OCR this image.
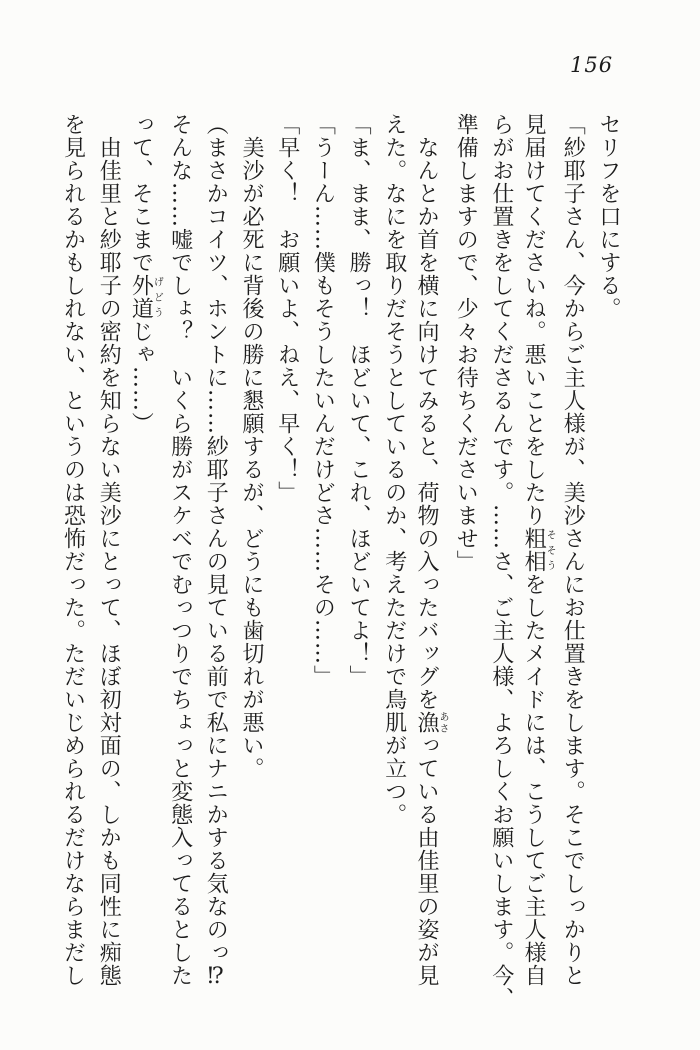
156
セリフを口にする。
「紗耶子さん、今からご主人様が、美沙さんにお仕置きをします。そこでしっかりと
見届けてくださいね。悪いことをしたり粗相そそうをしたメイドには、こうしてご主人様自
らがお仕置きをしてくださるんです。……さ、ご主人様、よろしくお願いします。今、
準備しますので、少々お待ちくださいませ」
　なんとか首を横に向けてみると、荷物の入ったバッグを漁あさっている由佳里の姿が見
えた。なにを取りだそうとしているのか、考えただけで鳥肌が立つ。
「ま、まま、勝っ！　ほどいて、これ、ほどいてよ！」
「うーん……僕もそうしたいんだけどさ……その……」
「早く！　お願いよ、ねえ、早く！」
　美沙が必死に背後の勝に懇願するが、どうにも歯切れが悪い。
（まさかコイツ、ホントに……紗耶子さんの見ている前で私にナニかする気なのっ⁉
そんな……嘘でしょ？　いくら勝がスケベでむっつりでちょっと変態入ってるとした
って、そこまで外道げどうじゃ……）
　由佳里と紗耶子の密約を知らない美沙にとって、ほぼ初対面の、しかも同性に痴態
を見られるかもしれない、というのは恐怖だった。ただいじめられるだけならまだし
